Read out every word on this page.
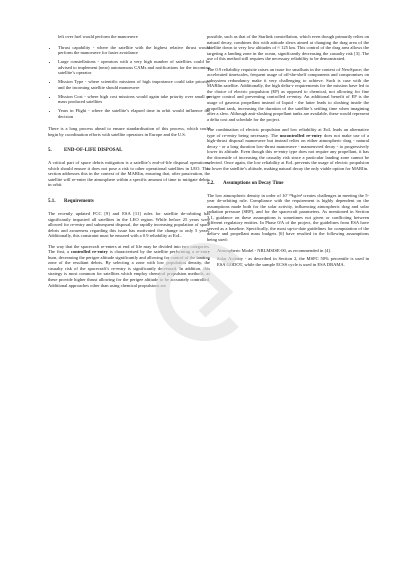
left over fuel would perform the manoeuvre

• Thrust capability - where the satellite with the highest relative thrust would perform the manoeuvre for faster avoidance
• Large constellations - operators with a very high number of satellites could be advised to implement (near) autonomous CAMs and notifications for the incoming satellite’s operator
• Mission Type - where scientific missions of high importance could take priority, and the incoming satellite should manoeuvre
• Mission Cost - where high cost missions would again take priority over small or mass produced satellites
• Years in Flight - where the satellite’s elapsed time in orbit would influence the decision

There is a long process ahead to ensure standardisation of this process, which could begin by coordination efforts with satellite operators in Europe and the U.S.

5. END-OF-LIFE DISPOSAL

A critical part of space debris mitigation is a satellite’s end-of-life disposal operations, which should ensure it does not pose a risk to other operational satellites in LEO. This section addresses this in the context of the MARIin, ensuring that, after passivation, the satellite will re-enter the atmosphere within a specific amount of time to mitigate debris in orbit.

5.1. Requirements

The recently updated FCC [9] and ESA [11] rules for satellite de-orbiting has significantly impacted all satellites in the LEO region. While before 25 years were allowed for re-entry and subsequent disposal, the rapidly increasing population of space debris and awareness regarding this issue has motivated the change to only 5 years. Additionally, this constraint must be ensured with a 0.9 reliability at EoL.

The way that the spacecraft re-enters at end of life may be divided into two categories. The first, a controlled re-entry is characterised by the satellite performing a re-entry burn, decreasing the perigee altitude significantly and allowing for control of the landing zone of the resultant debris. By selecting a zone with low population density, the casualty risk of the spacecraft’s re-entry is significantly decreased. In addition, this strategy is most common for satellites which employ chemical propulsion methods, as these provide higher thrust allowing for the perigee altitude to be accurately controlled. Additional approaches other than using chemical propulsions are

possible, such as that of the Starlink constellation, which even though primarily relies on natural decay, combines this with attitude slews aimed at changing the drag area of the satellite down to very low altitudes of ≈ 125 km. This control of the drag area allows the targeting a landing zone in the ocean, significantly decreasing the casualty risk [3]. The use of this method still requires the necessary reliability to be demonstrated.

The 0.9 reliability requisite raises an issue for smallsats in the context of NewSpace; the accelerated timescales, frequent usage of off-the-shelf components and compromises on subsystem redundancy make it very challenging to achieve. Such is case with the MARIin satellite. Additionally, the high delta-v requirements for the mission have led to the choice of electric propulsion (EP) as opposed to chemical, not allowing for fine perigee control and preventing controlled re-entry. An additional benefit of EP is the usage of gaseous propellant instead of liquid - the latter leads to sloshing inside the propellant tank, increasing the duration of the satellite’s settling time when imagining after a slew. Although anti-sloshing propellant tanks are available, these would represent a delta cost and schedule for the project.

The combination of electric propulsion and low reliability at EoL leads an alternative type of re-entry being necessary. The uncontrolled re-entry does not make use of a high-thrust disposal manoeuvre but instead relies on either atmospheric drag - natural decay - or a long duration low-thrust manoeuvre - manoeuvred decay - to progressively lower its altitude. Even though this re-entry type does not require any propellant, it has the downside of increasing the casualty risk since a particular landing zone cannot be selected. Once again, the low reliability at EoL prevents the usage of electric propulsion to lower the satellite’s altitude, making natural decay the only viable option for MARIin.

5.2. Assumptions on Decay Time

The low atmospheric density in order of 10⁻¹³kg/m³ creates challenges in meeting the 5-year de-orbiting rule. Compliance with the requirement is highly dependent on the assumptions made both for the solar activity, influencing atmospheric drag and solar radiation pressure (SRP), and for the spacecraft parameters. As mentioned in Section 3.1, guidance on these assumptions is sometimes not given or conflicting between different regulatory entities. In Phase 0/A of the project, the guidelines from ESA have served as a baseline. Specifically, the most up-to-date guidelines for computation of the delta-v and propellant mass budgets [6] have resulted in the following assumptions being used:

• Atmospheric Model - NRLMSISE-00, as recommended in [4].
• Solar Activity - as described in Section 2, the MSFC 50% percentile is used in ESA GODOT, while the sample ECSS cycle is used in ESA DRAMA.
